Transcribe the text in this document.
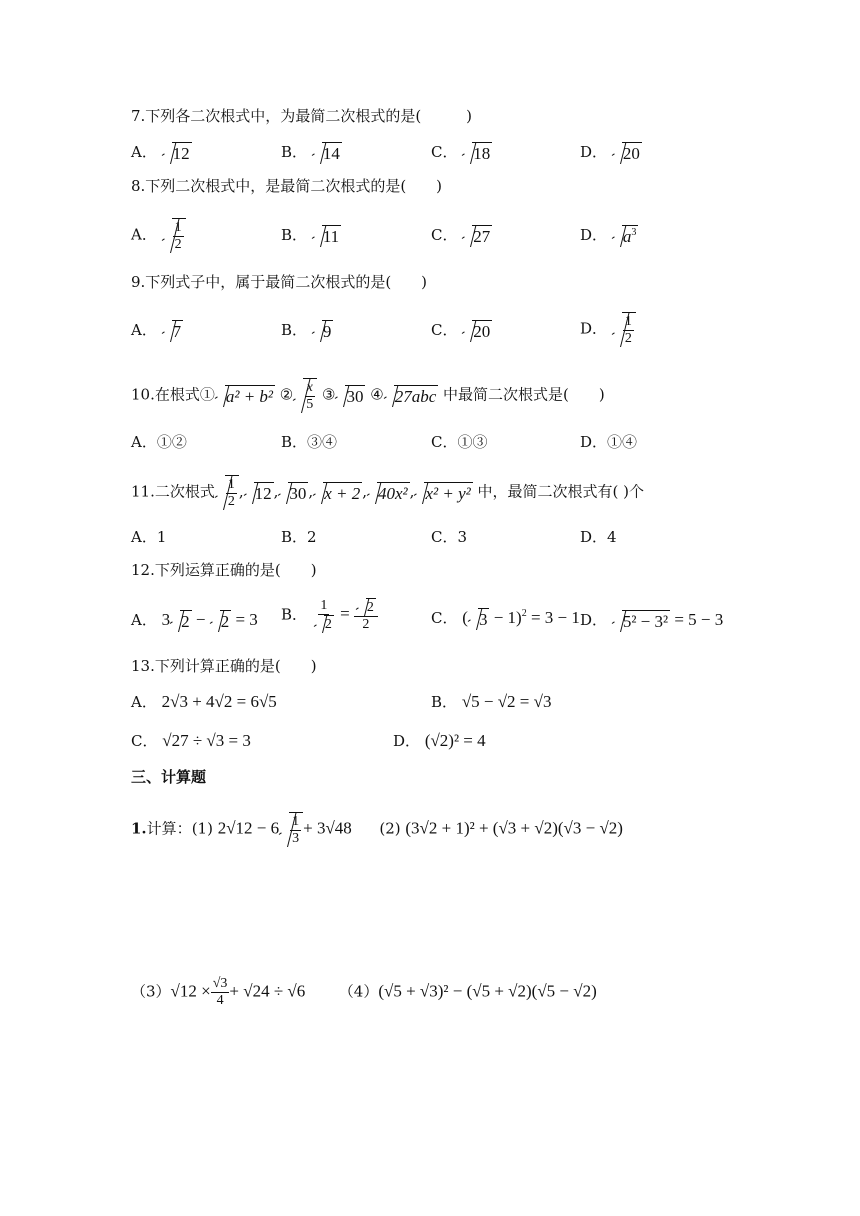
7.下列各二次根式中，为最简二次根式的是(　　　)
A． 12	B． 14	C． 18	D． 20
8.下列二次根式中，是最简二次根式的是(　　)
A． $\frac{1}{2}$	B． 11	C． 27	D． $a^3$
9.下列式子中，属于最简二次根式的是(　　)
A． 7	B． 9	C． 20	D． $\frac{1}{2}$
10.在根式① a² + b² ② $\frac{x}{5}$ ③ 30 ④ 27abc 中最简二次根式是(　　)
A．①②	B．③④	C．①③	D．①④
11.二次根式 $\frac{1}{2}$ , 12 , 30 , x + 2 , 40x² , x² + y² 中，最简二次根式有( )个
A．1	B．2	C．3	D．4
12.下列运算正确的是(　　)
A． 3 2 − 2 = 3 B． $\frac{1}{2} = \frac{2}{2}$	C． ( 3 − 1)$^2$ = 3 − 1 D． 5² − 3² = 5 − 3
13.下列计算正确的是(　　)
A． 2√3 + 4√2 = 6√5	B． √5 − √2 = √3
C． √27 ÷ √3 = 3	D． (√2)² = 4
三、计算题
1.计算：(1) $2√12 - 6 \frac{1}{3} + 3√48$ (2) (3√2 + 1)² + (√3 + √2)(√3 − √2)
$(3)√12 \times \frac{√3}{4} + √24 \div √6$ （4）(√5 + √3)² − (√5 + √2)(√5 − √2)
